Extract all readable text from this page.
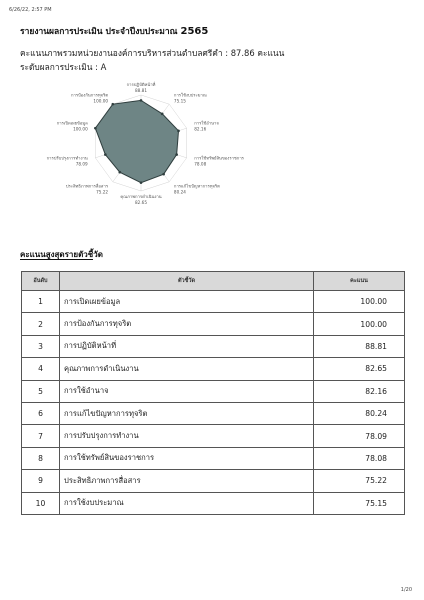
6/26/22, 2:57 PM
รายงานผลการประเมิน ประจำปีงบประมาณ 2565
คะแนนภาพรวมหน่วยงานองค์การบริหารส่วนตำบลศรีคำ : 87.86 คะแนน
ระดับผลการประเมิน : A
การปฏิบัติหน้าที่
88.81
การใช้งบประมาณ
75.15
การใช้อำนาจ
82.16
การใช้ทรัพย์สินของราชการ
78.08
การแก้ไขปัญหาการทุจริต
80.24
คุณภาพการดำเนินงาน
82.65
ประสิทธิภาพการสื่อสาร
75.22
การปรับปรุงการทำงาน
78.09
การเปิดเผยข้อมูล
100.00
การป้องกันการทุจริต
100.00
คะแนนสูงสุดรายตัวชี้วัด
อันดับ	ตัวชี้วัด	คะแนน
1	การเปิดเผยข้อมูล	100.00
2	การป้องกันการทุจริต	100.00
3	การปฏิบัติหน้าที่	88.81
4	คุณภาพการดำเนินงาน	82.65
5	การใช้อำนาจ	82.16
6	การแก้ไขปัญหาการทุจริต	80.24
7	การปรับปรุงการทำงาน	78.09
8	การใช้ทรัพย์สินของราชการ	78.08
9	ประสิทธิภาพการสื่อสาร	75.22
10	การใช้งบประมาณ	75.15
1/20
